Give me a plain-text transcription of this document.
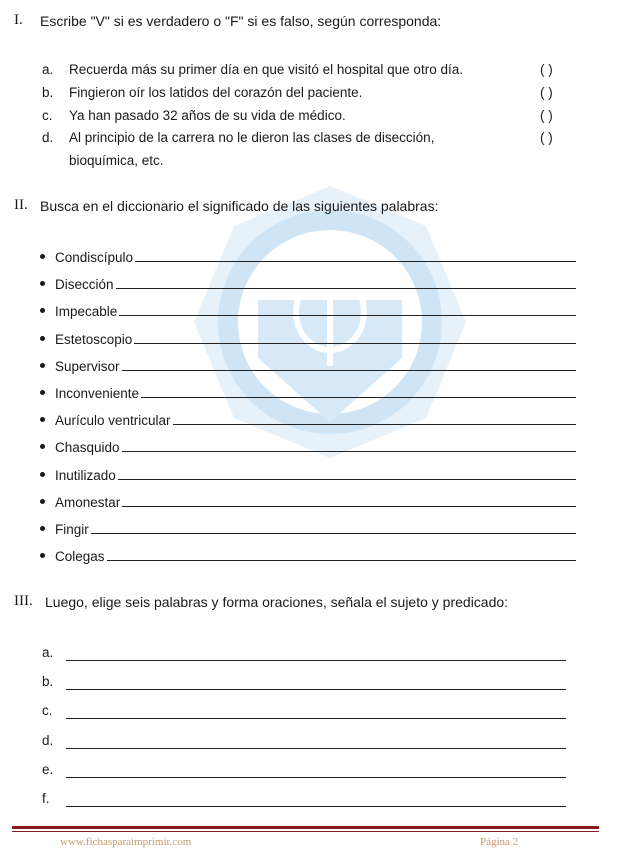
I. Escribe "V" si es verdadero o "F" si es falso, según corresponda:
a. Recuerda más su primer día en que visitó el hospital que otro día.	( )
b. Fingieron oír los latidos del corazón del paciente.	( )
c. Ya han pasado 32 años de su vida de médico.	( )
d. Al principio de la carrera no le dieron las clases de disección,	( )
bioquímica, etc.
II. Busca en el diccionario el significado de las siguientes palabras:
Condiscípulo
Disección
Impecable
Estetoscopio
Supervisor
Inconveniente
Aurículo ventricular
Chasquido
Inutilizado
Amonestar
Fingir
Colegas
III. Luego, elige seis palabras y forma oraciones, señala el sujeto y predicado:
a.
b.
c.
d.
e.
f.
www.fichasparaimprimir.com	Página 2
